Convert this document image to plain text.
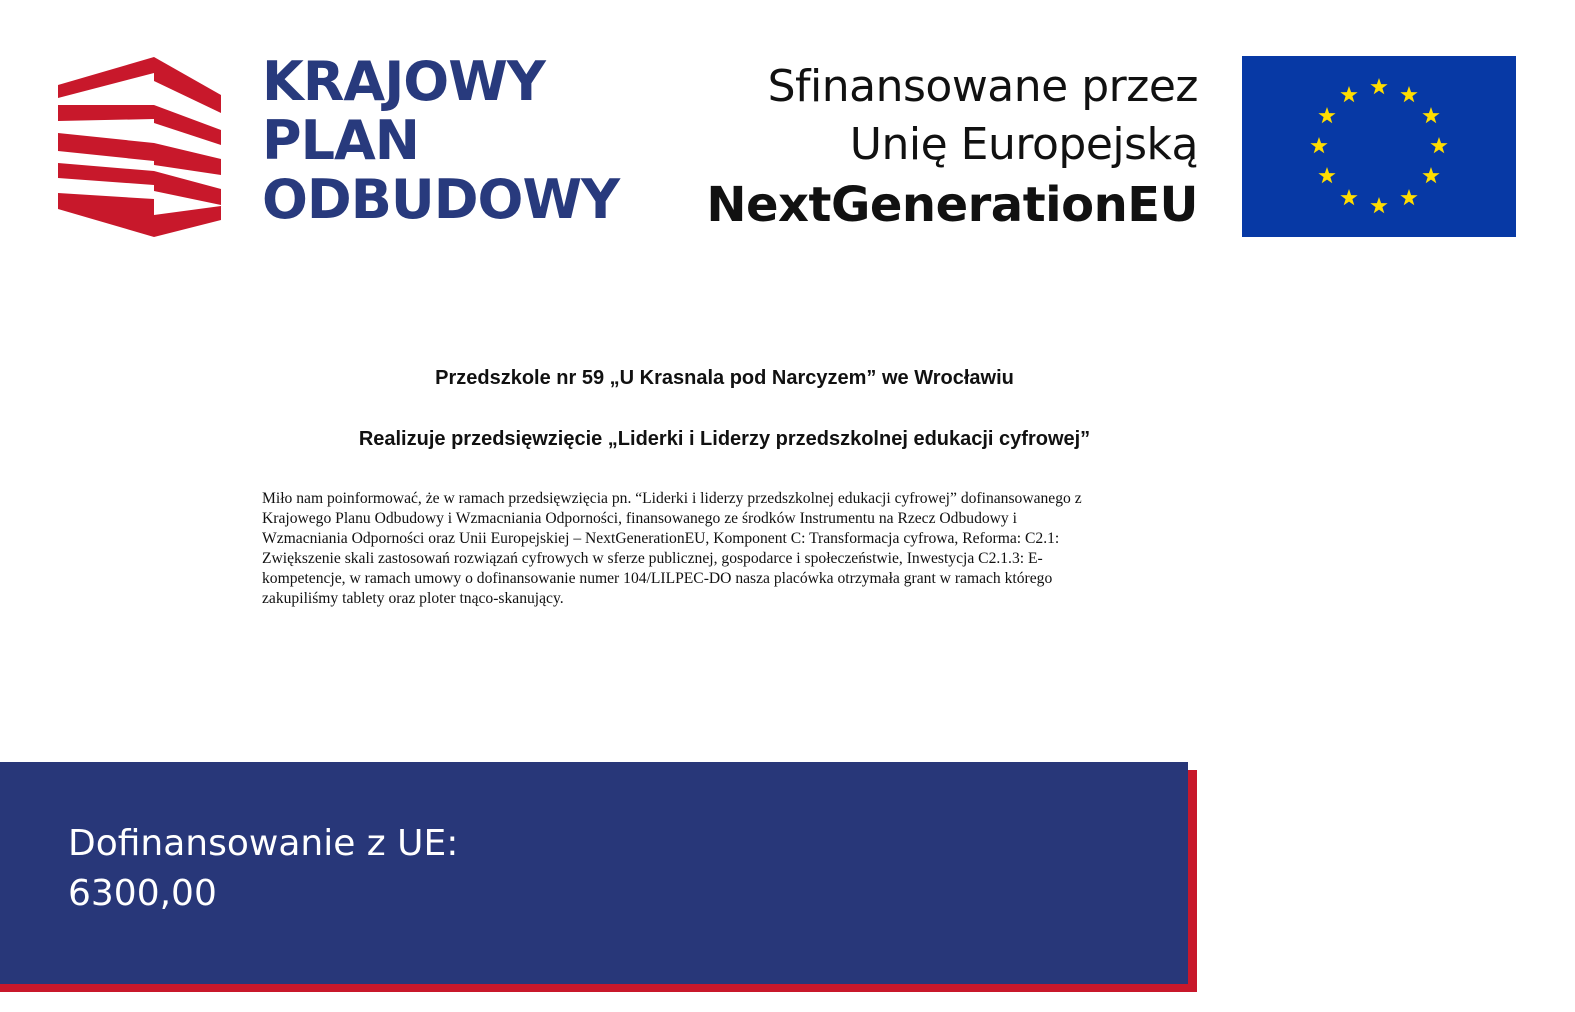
KRAJOWY
PLAN
ODBUDOWY
Sfinansowane przez
Unię Europejską
NextGenerationEU
Przedszkole nr 59 „U Krasnala pod Narcyzem” we Wrocławiu
Realizuje przedsięwzięcie „Liderki i Liderzy przedszkolnej edukacji cyfrowej”
Miło nam poinformować, że w ramach przedsięwzięcia pn. “Liderki i liderzy przedszkolnej edukacji cyfrowej” dofinansowanego z
Krajowego Planu Odbudowy i Wzmacniania Odporności, finansowanego ze środków Instrumentu na Rzecz Odbudowy i
Wzmacniania Odporności oraz Unii Europejskiej – NextGenerationEU, Komponent C: Transformacja cyfrowa, Reforma: C2.1:
Zwiększenie skali zastosowań rozwiązań cyfrowych w sferze publicznej, gospodarce i społeczeństwie, Inwestycja C2.1.3: E-
kompetencje, w ramach umowy o dofinansowanie numer 104/LILPEC-DO nasza placówka otrzymała grant w ramach którego
zakupiliśmy tablety oraz ploter tnąco-skanujący.
Dofinansowanie z UE:
6300,00
